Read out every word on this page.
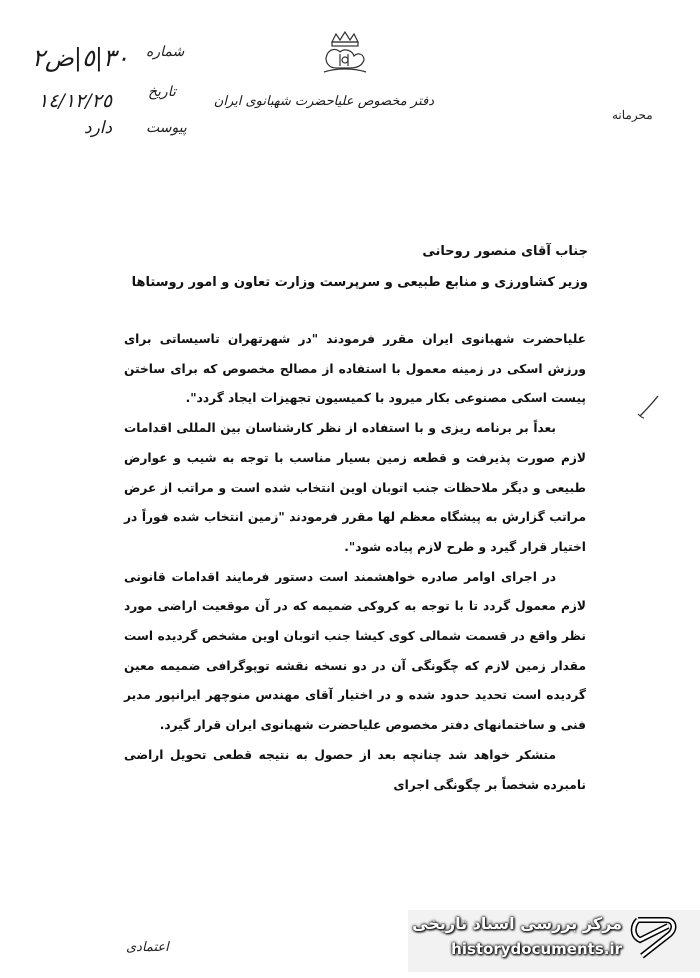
٣٠|٥|ض٢
١٤/١٢/٢٥
دارد
شماره
تاریخ
پیوست
دفتر مخصوص علیاحضرت شهبانوی ایران
محرمانه
جناب آقای منصور روحانی
وزیر کشاورزی و منابع طبیعی و سرپرست وزارت تعاون و امور روستاها

علیاحضرت شهبانوی ایران مقرر فرمودند "در شهرتهران تاسیساتی برای ورزش اسکی در زمینه معمول با استفاده از مصالح مخصوص که برای ساختن پیست اسکی مصنوعی بکار میرود با کمیسیون تجهیزات ایجاد گردد".

بعداً بر برنامه ریزی و با استفاده از نظر کارشناسان بین المللی اقدامات لازم صورت پذیرفت و قطعه زمین بسیار مناسب با توجه به شیب و عوارض طبیعی و دیگر ملاحظات جنب اتوبان اوین انتخاب شده است و مراتب از عرض مراتب گزارش به پیشگاه معظم لها مقرر فرمودند "زمین انتخاب شده فوراً در اختیار قرار گیرد و طرح لازم پیاده شود".

در اجرای اوامر صادره خواهشمند است دستور فرمایند اقدامات قانونی لازم معمول گردد تا با توجه به کروکی ضمیمه که در آن موقعیت اراضی مورد نظر واقع در قسمت شمالی کوی کیشا جنب اتوبان اوین مشخص گردیده است مقدار زمین لازم که چگونگی آن در دو نسخه نقشه توپوگرافی ضمیمه معین گردیده است تحدید حدود شده و در اختیار آقای مهندس منوچهر ایرانپور مدیر فنی و ساختمانهای دفتر مخصوص علیاحضرت شهبانوی ایران قرار گیرد.

متشکر خواهد شد چنانچه بعد از حصول به نتیجه قطعی تحویل اراضی نامبرده شخصاً بر چگونگی اجرای

اعتمادی
مرکز بررسی اسناد تاریخی
historydocuments.ir
